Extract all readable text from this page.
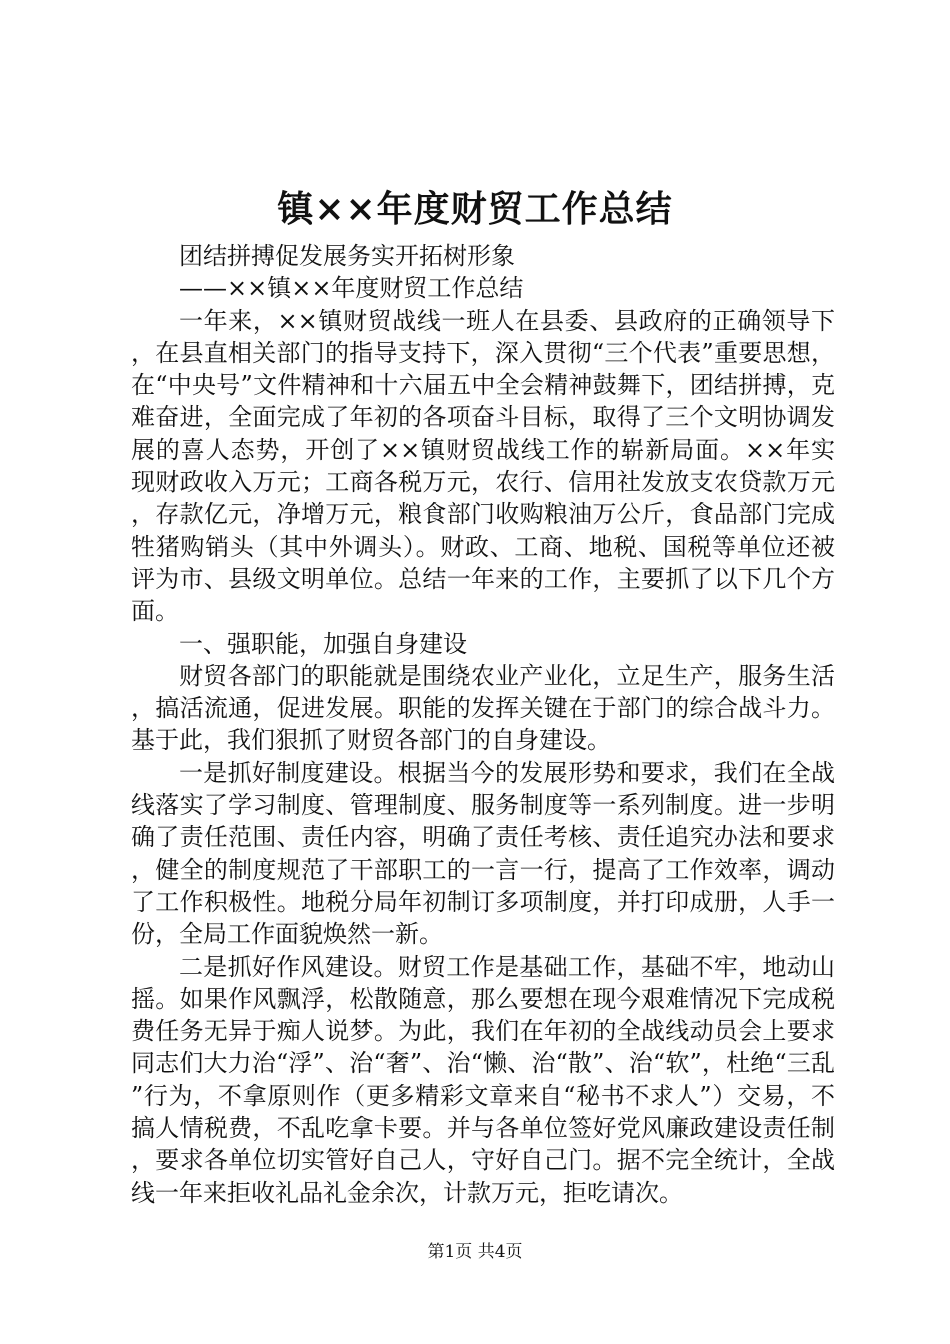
镇××年度财贸工作总结

团结拼搏促发展务实开拓树形象

——××镇××年度财贸工作总结

一年来，××镇财贸战线一班人在县委、县政府的正确领导下，在县直相关部门的指导支持下，深入贯彻“三个代表”重要思想，在“中央号”文件精神和十六届五中全会精神鼓舞下，团结拼搏，克难奋进，全面完成了年初的各项奋斗目标，取得了三个文明协调发展的喜人态势，开创了××镇财贸战线工作的崭新局面。××年实现财政收入万元；工商各税万元，农行、信用社发放支农贷款万元，存款亿元，净增万元，粮食部门收购粮油万公斤，食品部门完成牲猪购销头（其中外调头）。财政、工商、地税、国税等单位还被评为市、县级文明单位。总结一年来的工作，主要抓了以下几个方面。

一、强职能，加强自身建设

财贸各部门的职能就是围绕农业产业化，立足生产，服务生活，搞活流通，促进发展。职能的发挥关键在于部门的综合战斗力。基于此，我们狠抓了财贸各部门的自身建设。

一是抓好制度建设。根据当今的发展形势和要求，我们在全战线落实了学习制度、管理制度、服务制度等一系列制度。进一步明确了责任范围、责任内容，明确了责任考核、责任追究办法和要求，健全的制度规范了干部职工的一言一行，提高了工作效率，调动了工作积极性。地税分局年初制订多项制度，并打印成册，人手一份，全局工作面貌焕然一新。

二是抓好作风建设。财贸工作是基础工作，基础不牢，地动山摇。如果作风飘浮，松散随意，那么要想在现今艰难情况下完成税费任务无异于痴人说梦。为此，我们在年初的全战线动员会上要求同志们大力治“浮”、治“奢”、治“懒、治“散”、治“软”，杜绝“三乱”行为，不拿原则作（更多精彩文章来自“秘书不求人”）交易，不搞人情税费，不乱吃拿卡要。并与各单位签好党风廉政建设责任制，要求各单位切实管好自己人，守好自己门。据不完全统计，全战线一年来拒收礼品礼金余次，计款万元，拒吃请次。

第1页 共4页
